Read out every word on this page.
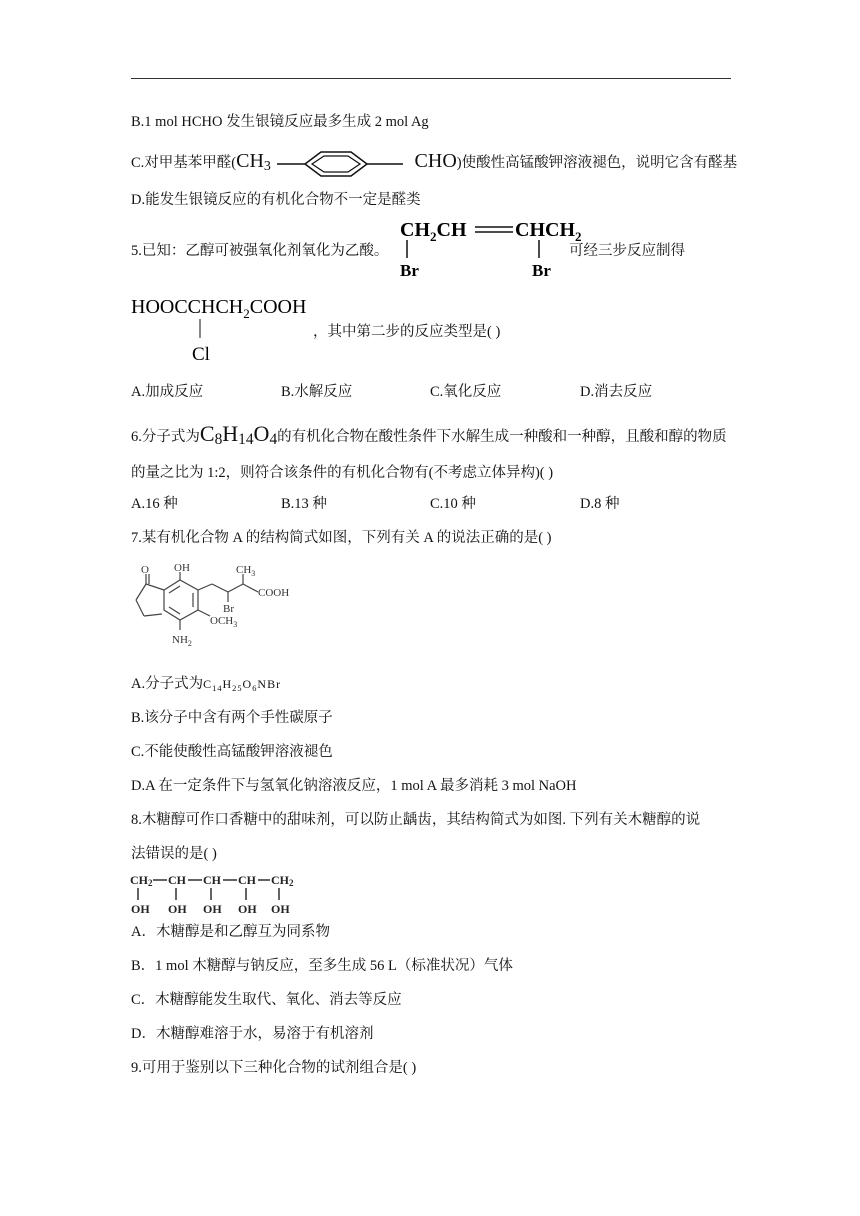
B.1 mol HCHO 发生银镜反应最多生成 2 mol Ag
C.对甲基苯甲醛($CH_3$	CHO)使酸性高锰酸钾溶液褪色，说明它含有醛基
D.能发生银镜反应的有机化合物不一定是醛类
5.已知：乙醇可被强氧化剂氧化为乙酸。
$CH_2CH$ $CHCH_2$
Br	Br
可经三步反应制得
$HOOCCHCH_2COOH$
Cl
，其中第二步的反应类型是( )
A.加成反应	B.水解反应	C.氧化反应	D.消去反应
6.分子式为$C_8H_{14}O_4$的有机化合物在酸性条件下水解生成一种酸和一种醇，且酸和醇的物质
的量之比为 1:2，则符合该条件的有机化合物有(不考虑立体异构)( )
A.16 种	B.13 种	C.10 种	D.8 种
7.某有机化合物 A 的结构简式如图，下列有关 A 的说法正确的是( )
O OH	$CH_3$
COOH
Br
$OCH_3$
$NH_2$
A.分子式为$C_{14}H_{25}O_6NBr$
B.该分子中含有两个手性碳原子
C.不能使酸性高锰酸钾溶液褪色
D.A 在一定条件下与氢氧化钠溶液反应，1 mol A 最多消耗 3 mol NaOH
8.木糖醇可作口香糖中的甜味剂，可以防止龋齿，其结构简式为如图. 下列有关木糖醇的说
法错误的是( )
CH2 CH CH CH CH2
OH OH OH OH OH
A．木糖醇是和乙醇互为同系物
B．1 mol 木糖醇与钠反应，至多生成 56 L（标准状况）气体
C．木糖醇能发生取代、氧化、消去等反应
D．木糖醇难溶于水，易溶于有机溶剂
9.可用于鉴别以下三种化合物的试剂组合是( )
